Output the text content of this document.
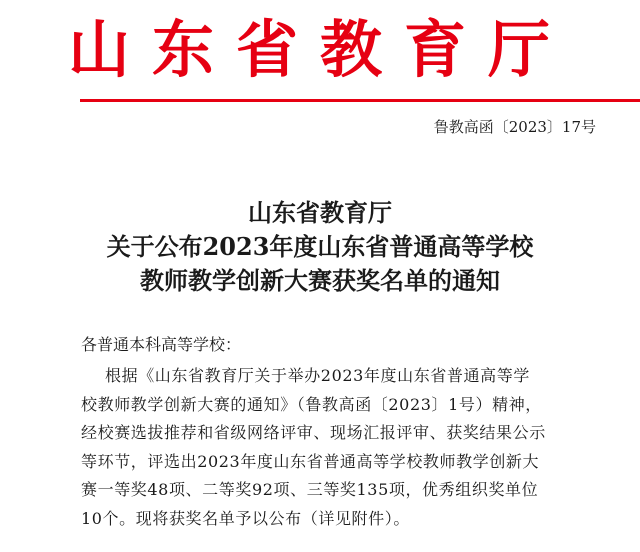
山东省教育厅
鲁教高函〔2023〕17号
山东省教育厅
关于公布2023年度山东省普通高等学校
教师教学创新大赛获奖名单的通知
各普通本科高等学校：
根据《山东省教育厅关于举办2023年度山东省普通高等学
校教师教学创新大赛的通知》（鲁教高函〔2023〕1号）精神，
经校赛选拔推荐和省级网络评审、现场汇报评审、获奖结果公示
等环节，评选出2023年度山东省普通高等学校教师教学创新大
赛一等奖48项、二等奖92项、三等奖135项，优秀组织奖单位
10个。现将获奖名单予以公布（详见附件）。
